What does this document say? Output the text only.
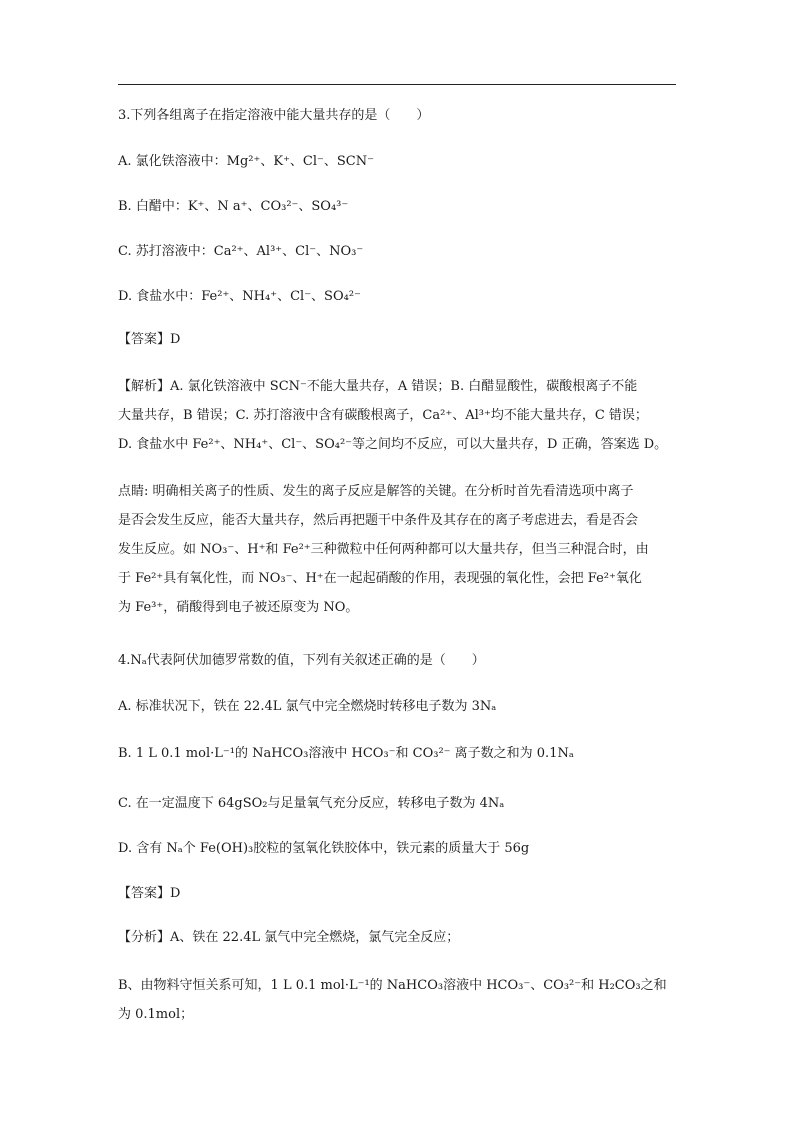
3.下列各组离子在指定溶液中能大量共存的是（　　）
A. 氯化铁溶液中：Mg²⁺、K⁺、Cl⁻、SCN⁻
B. 白醋中：K⁺、N a⁺、CO₃²⁻、SO₄³⁻
C. 苏打溶液中：Ca²⁺、Al³⁺、Cl⁻、NO₃⁻
D. 食盐水中：Fe²⁺、NH₄⁺、Cl⁻、SO₄²⁻
【答案】D
【解析】A. 氯化铁溶液中 SCN⁻不能大量共存，A 错误；B. 白醋显酸性，碳酸根离子不能
大量共存，B 错误；C. 苏打溶液中含有碳酸根离子，Ca²⁺、Al³⁺均不能大量共存，C 错误；
D. 食盐水中 Fe²⁺、NH₄⁺、Cl⁻、SO₄²⁻等之间均不反应，可以大量共存，D 正确，答案选 D。
点睛: 明确相关离子的性质、发生的离子反应是解答的关键。在分析时首先看清选项中离子
是否会发生反应，能否大量共存，然后再把题干中条件及其存在的离子考虑进去，看是否会
发生反应。如 NO₃⁻、H⁺和 Fe²⁺三种微粒中任何两种都可以大量共存，但当三种混合时，由
于 Fe²⁺具有氧化性，而 NO₃⁻、H⁺在一起起硝酸的作用，表现强的氧化性，会把 Fe²⁺氧化
为 Fe³⁺，硝酸得到电子被还原变为 NO。
4.Nₐ代表阿伏加德罗常数的值，下列有关叙述正确的是（　　）
A. 标准状况下，铁在 22.4L 氯气中完全燃烧时转移电子数为 3Nₐ
B. 1 L 0.1 mol·L⁻¹的 NaHCO₃溶液中 HCO₃⁻和 CO₃²⁻ 离子数之和为 0.1Nₐ
C. 在一定温度下 64gSO₂与足量氧气充分反应，转移电子数为 4Nₐ
D. 含有 Nₐ个 Fe(OH)₃胶粒的氢氧化铁胶体中，铁元素的质量大于 56g
【答案】D
【分析】A、铁在 22.4L 氯气中完全燃烧，氯气完全反应；
B、由物料守恒关系可知，1 L 0.1 mol·L⁻¹的 NaHCO₃溶液中 HCO₃⁻、CO₃²⁻和 H₂CO₃之和
为 0.1mol；
